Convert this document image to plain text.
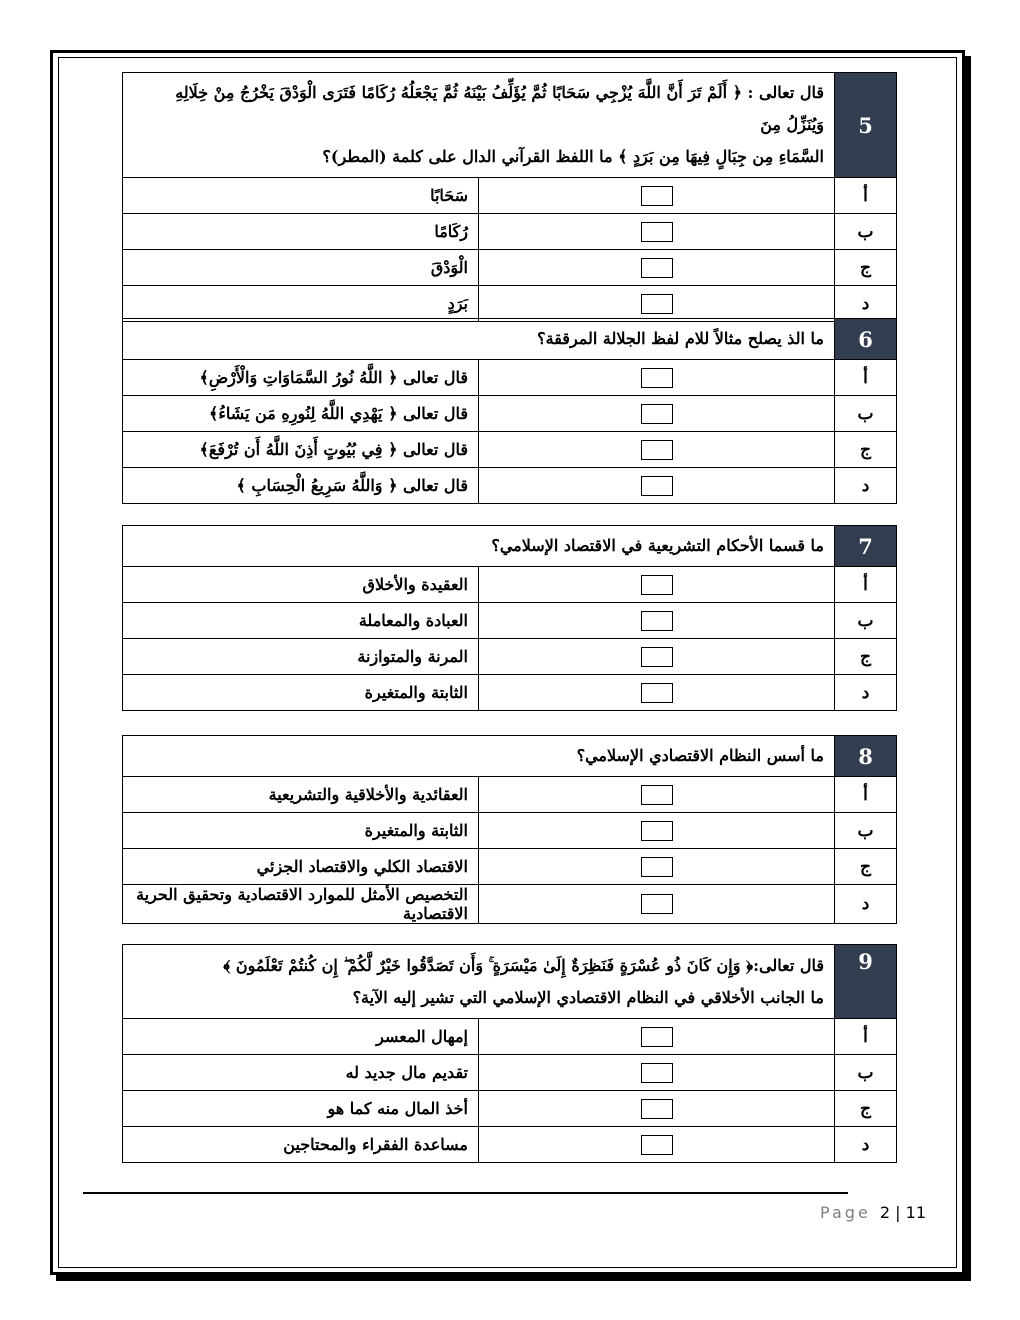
5	قال تعالى : ﴿ أَلَمْ تَرَ أَنَّ اللَّهَ يُزْجِي سَحَابًا ثُمَّ يُؤَلِّفُ بَيْنَهُ ثُمَّ يَجْعَلُهُ رُكَامًا فَتَرَى الْوَدْقَ يَخْرُجُ مِنْ خِلَالِهِ وَيُنَزِّلُ مِنَ
السَّمَاءِ مِن جِبَالٍ فِيهَا مِن بَرَدٍ ﴾ ما اللفظ القرآني الدال على كلمة (المطر)؟	

أ		سَحَابًا
ب		رُكَامًا
ج		الْوَدْقَ
د		بَرَدٍ
6	ما الذ يصلح مثالاً للام لفظ الجلالة المرققة؟	
أ		قال تعالى ﴿ اللَّهُ نُورُ السَّمَاوَاتِ وَالْأَرْضِ﴾
ب		قال تعالى ﴿ يَهْدِي اللَّهُ لِنُورِهِ مَن يَشَاءُ﴾
ج		قال تعالى ﴿ فِي بُيُوتٍ أَذِنَ اللَّهُ أَن تُرْفَعَ﴾
د		قال تعالى ﴿ وَاللَّهُ سَرِيعُ الْحِسَابِ ﴾
7	ما قسما الأحكام التشريعية في الاقتصاد الإسلامي؟	
أ		العقيدة والأخلاق
ب		العبادة والمعاملة
ج		المرنة والمتوازنة
د		الثابتة والمتغيرة
8	ما أسس النظام الاقتصادي الإسلامي؟	
أ		العقائدية والأخلاقية والتشريعية
ب		الثابتة والمتغيرة
ج		الاقتصاد الكلي والاقتصاد الجزئي
د		التخصيص الأمثل للموارد الاقتصادية وتحقيق الحرية الاقتصادية
9	قال تعالى:﴿ وَإِن كَانَ ذُو عُسْرَةٍ فَنَظِرَةٌ إِلَىٰ مَيْسَرَةٍ ۚ وَأَن تَصَدَّقُوا خَيْرٌ لَّكُمْ ۖ إِن كُنتُمْ تَعْلَمُونَ ﴾
ما الجانب الأخلاقي في النظام الاقتصادي الإسلامي التي تشير إليه الآية؟	

أ		إمهال المعسر
ب		تقديم مال جديد له
ج		أخذ المال منه كما هو
د		مساعدة الفقراء والمحتاجين
Page 2 | 11
